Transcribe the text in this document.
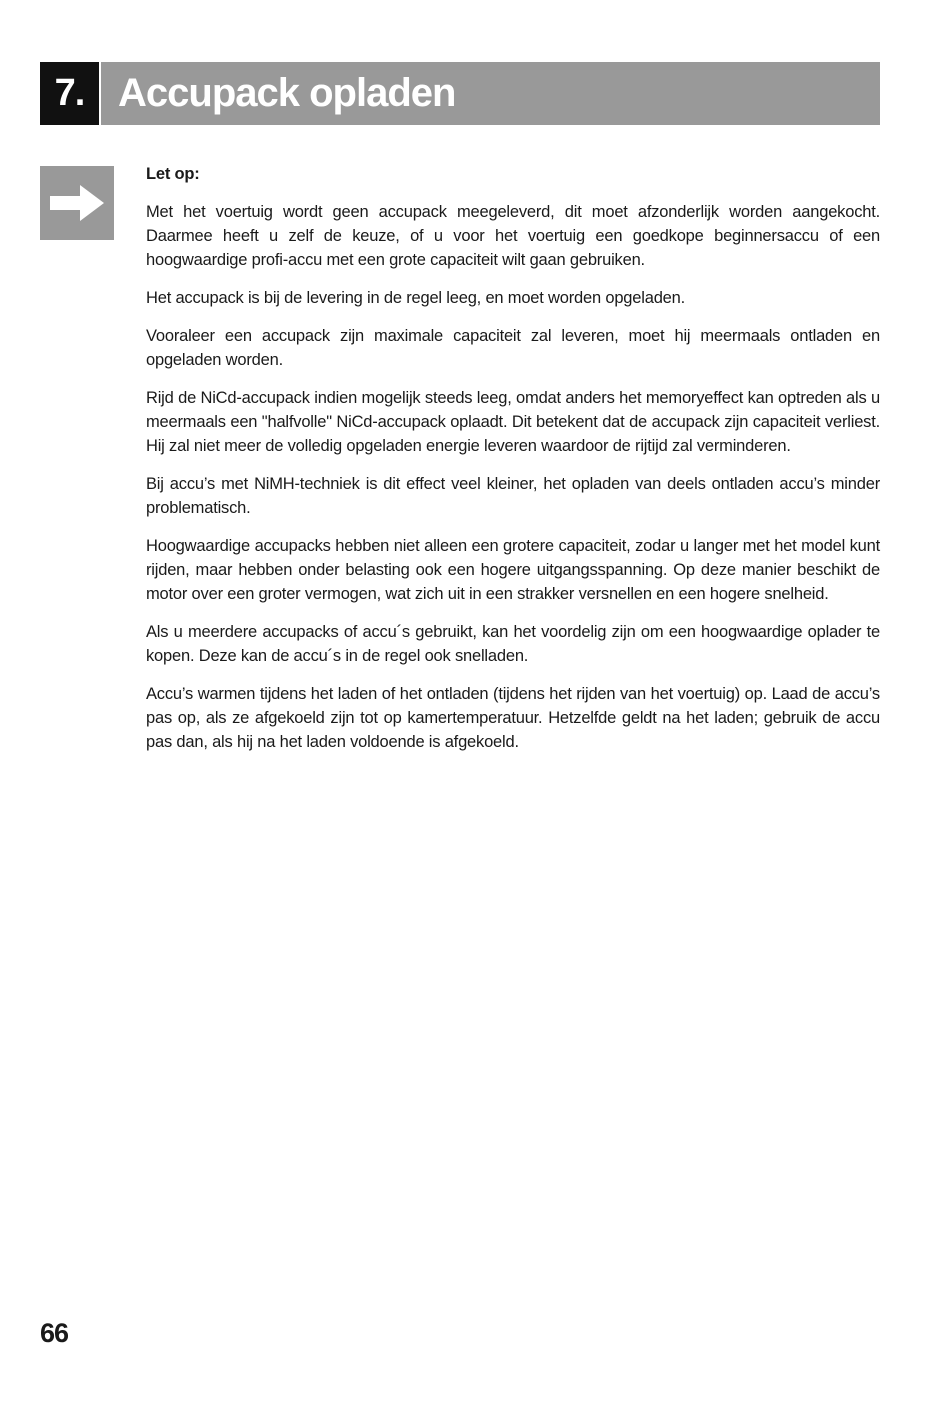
7. Accupack opladen

Let op:

Met het voertuig wordt geen accupack meegeleverd, dit moet afzonderlijk worden aangekocht. Daarmee heeft u zelf de keuze, of u voor het voertuig een goedkope beginnersaccu of een hoogwaardige profi-accu met een grote capaciteit wilt gaan gebruiken.

Het accupack is bij de levering in de regel leeg, en moet worden opgeladen.

Vooraleer een accupack zijn maximale capaciteit zal leveren, moet hij meermaals ontladen en opgeladen worden.

Rijd de NiCd-accupack indien mogelijk steeds leeg, omdat anders het memoryeffect kan optreden als u meermaals een "halfvolle" NiCd-accupack oplaadt. Dit betekent dat de accupack zijn capaciteit verliest. Hij zal niet meer de volledig opgeladen energie leveren waardoor de rijtijd zal verminderen.

Bij accu’s met NiMH-techniek is dit effect veel kleiner, het opladen van deels ontladen accu’s minder problematisch.

Hoogwaardige accupacks hebben niet alleen een grotere capaciteit, zodar u langer met het model kunt rijden, maar hebben onder belasting ook een hogere uitgangsspanning. Op deze manier beschikt de motor over een groter vermogen, wat zich uit in een strakker versnellen en een hogere snelheid.

Als u meerdere accupacks of accu´s gebruikt, kan het voordelig zijn om een hoogwaardige oplader te kopen. Deze kan de accu´s in de regel ook snelladen.

Accu’s warmen tijdens het laden of het ontladen (tijdens het rijden van het voertuig) op. Laad de accu’s pas op, als ze afgekoeld zijn tot op kamertemperatuur. Hetzelfde geldt na het laden; gebruik de accu pas dan, als hij na het laden voldoende is afgekoeld.

66
